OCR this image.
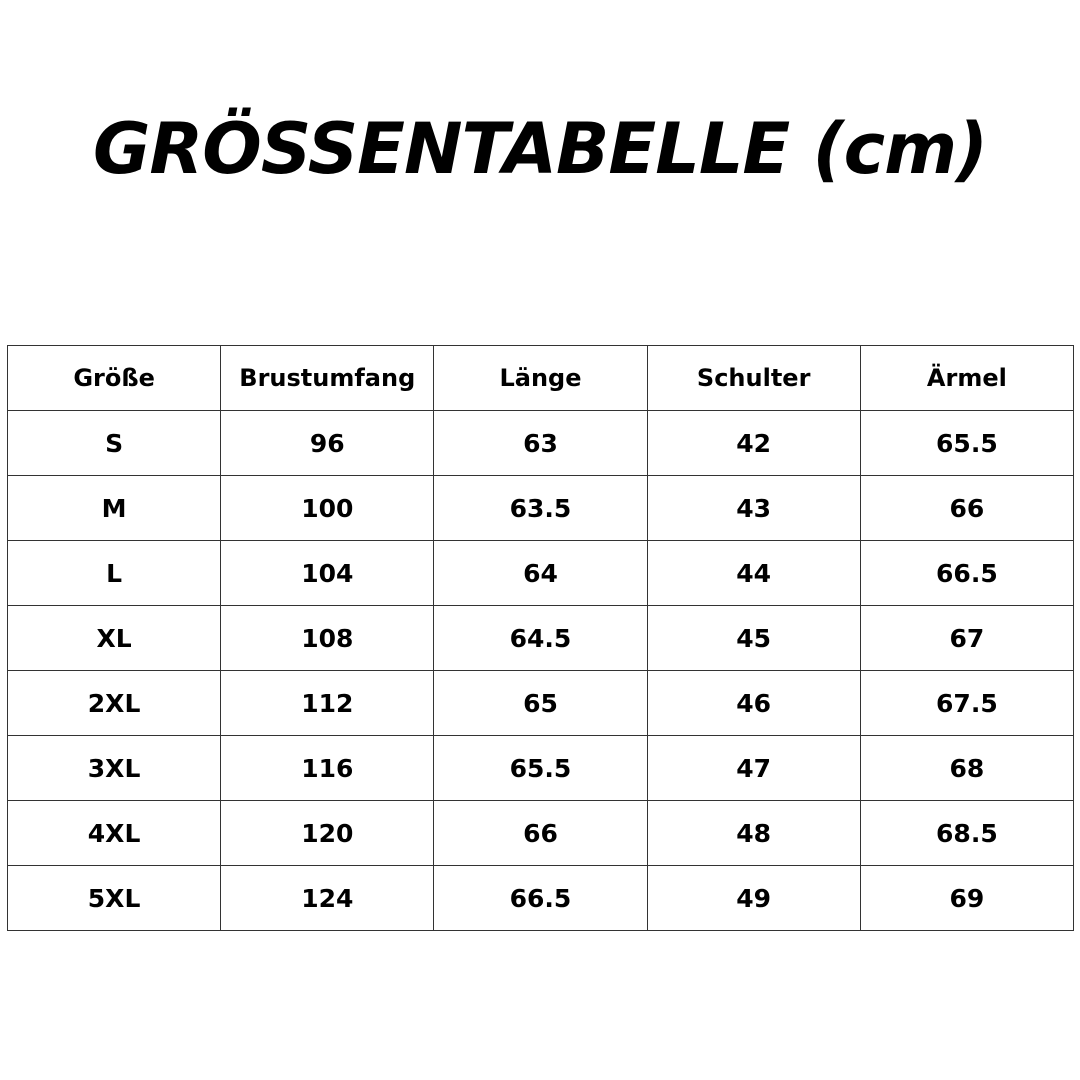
GRÖSSENTABELLE (cm)
Größe	Brustumfang	Länge	Schulter	Ärmel
S	96	63	42	65.5
M	100	63.5	43	66
L	104	64	44	66.5
XL	108	64.5	45	67
2XL	112	65	46	67.5
3XL	116	65.5	47	68
4XL	120	66	48	68.5
5XL	124	66.5	49	69
